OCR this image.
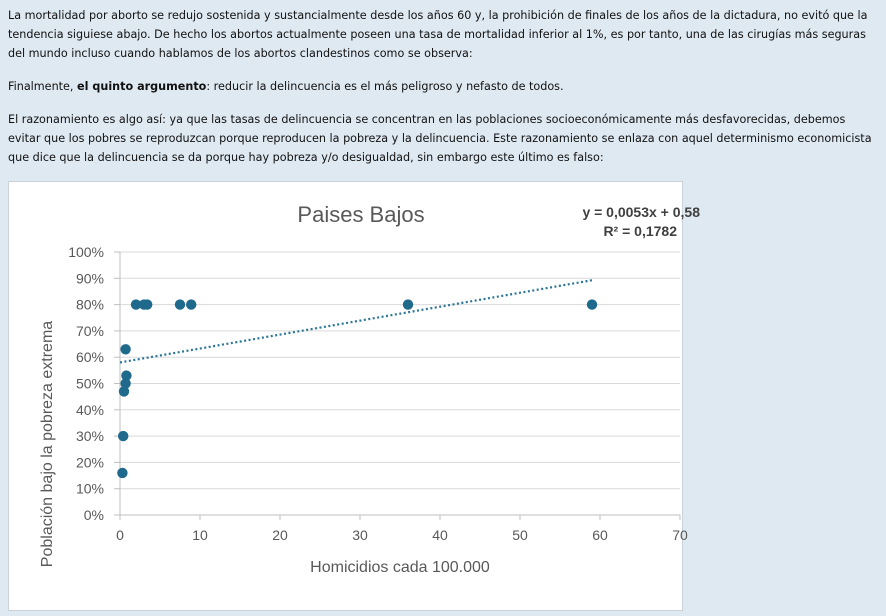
La mortalidad por aborto se redujo sostenida y sustancialmente desde los años 60 y, la prohibición de finales de los años de la dictadura, no evitó que la tendencia siguiese abajo. De hecho los abortos actualmente poseen una tasa de mortalidad inferior al 1%, es por tanto, una de las cirugías más seguras del mundo incluso cuando hablamos de los abortos clandestinos como se observa:

Finalmente, el quinto argumento: reducir la delincuencia es el más peligroso y nefasto de todos.

El razonamiento es algo así: ya que las tasas de delincuencia se concentran en las poblaciones socioeconómicamente más desfavorecidas, debemos evitar que los pobres se reproduzcan porque reproducen la pobreza y la delincuencia. Este razonamiento se enlaza con aquel determinismo economicista que dice que la delincuencia se da porque hay pobreza y/o desigualdad, sin embargo este último es falso:

0%
10%
20%
30%
40%
50%
60%
70%
80%
90%
100%
0	10	20	30	40	50	60	70
Paises Bajos	y = 0,0053x + 0,58
R² = 0,1782
Homicidios cada 100.000
Población bajo la pobreza extrema
